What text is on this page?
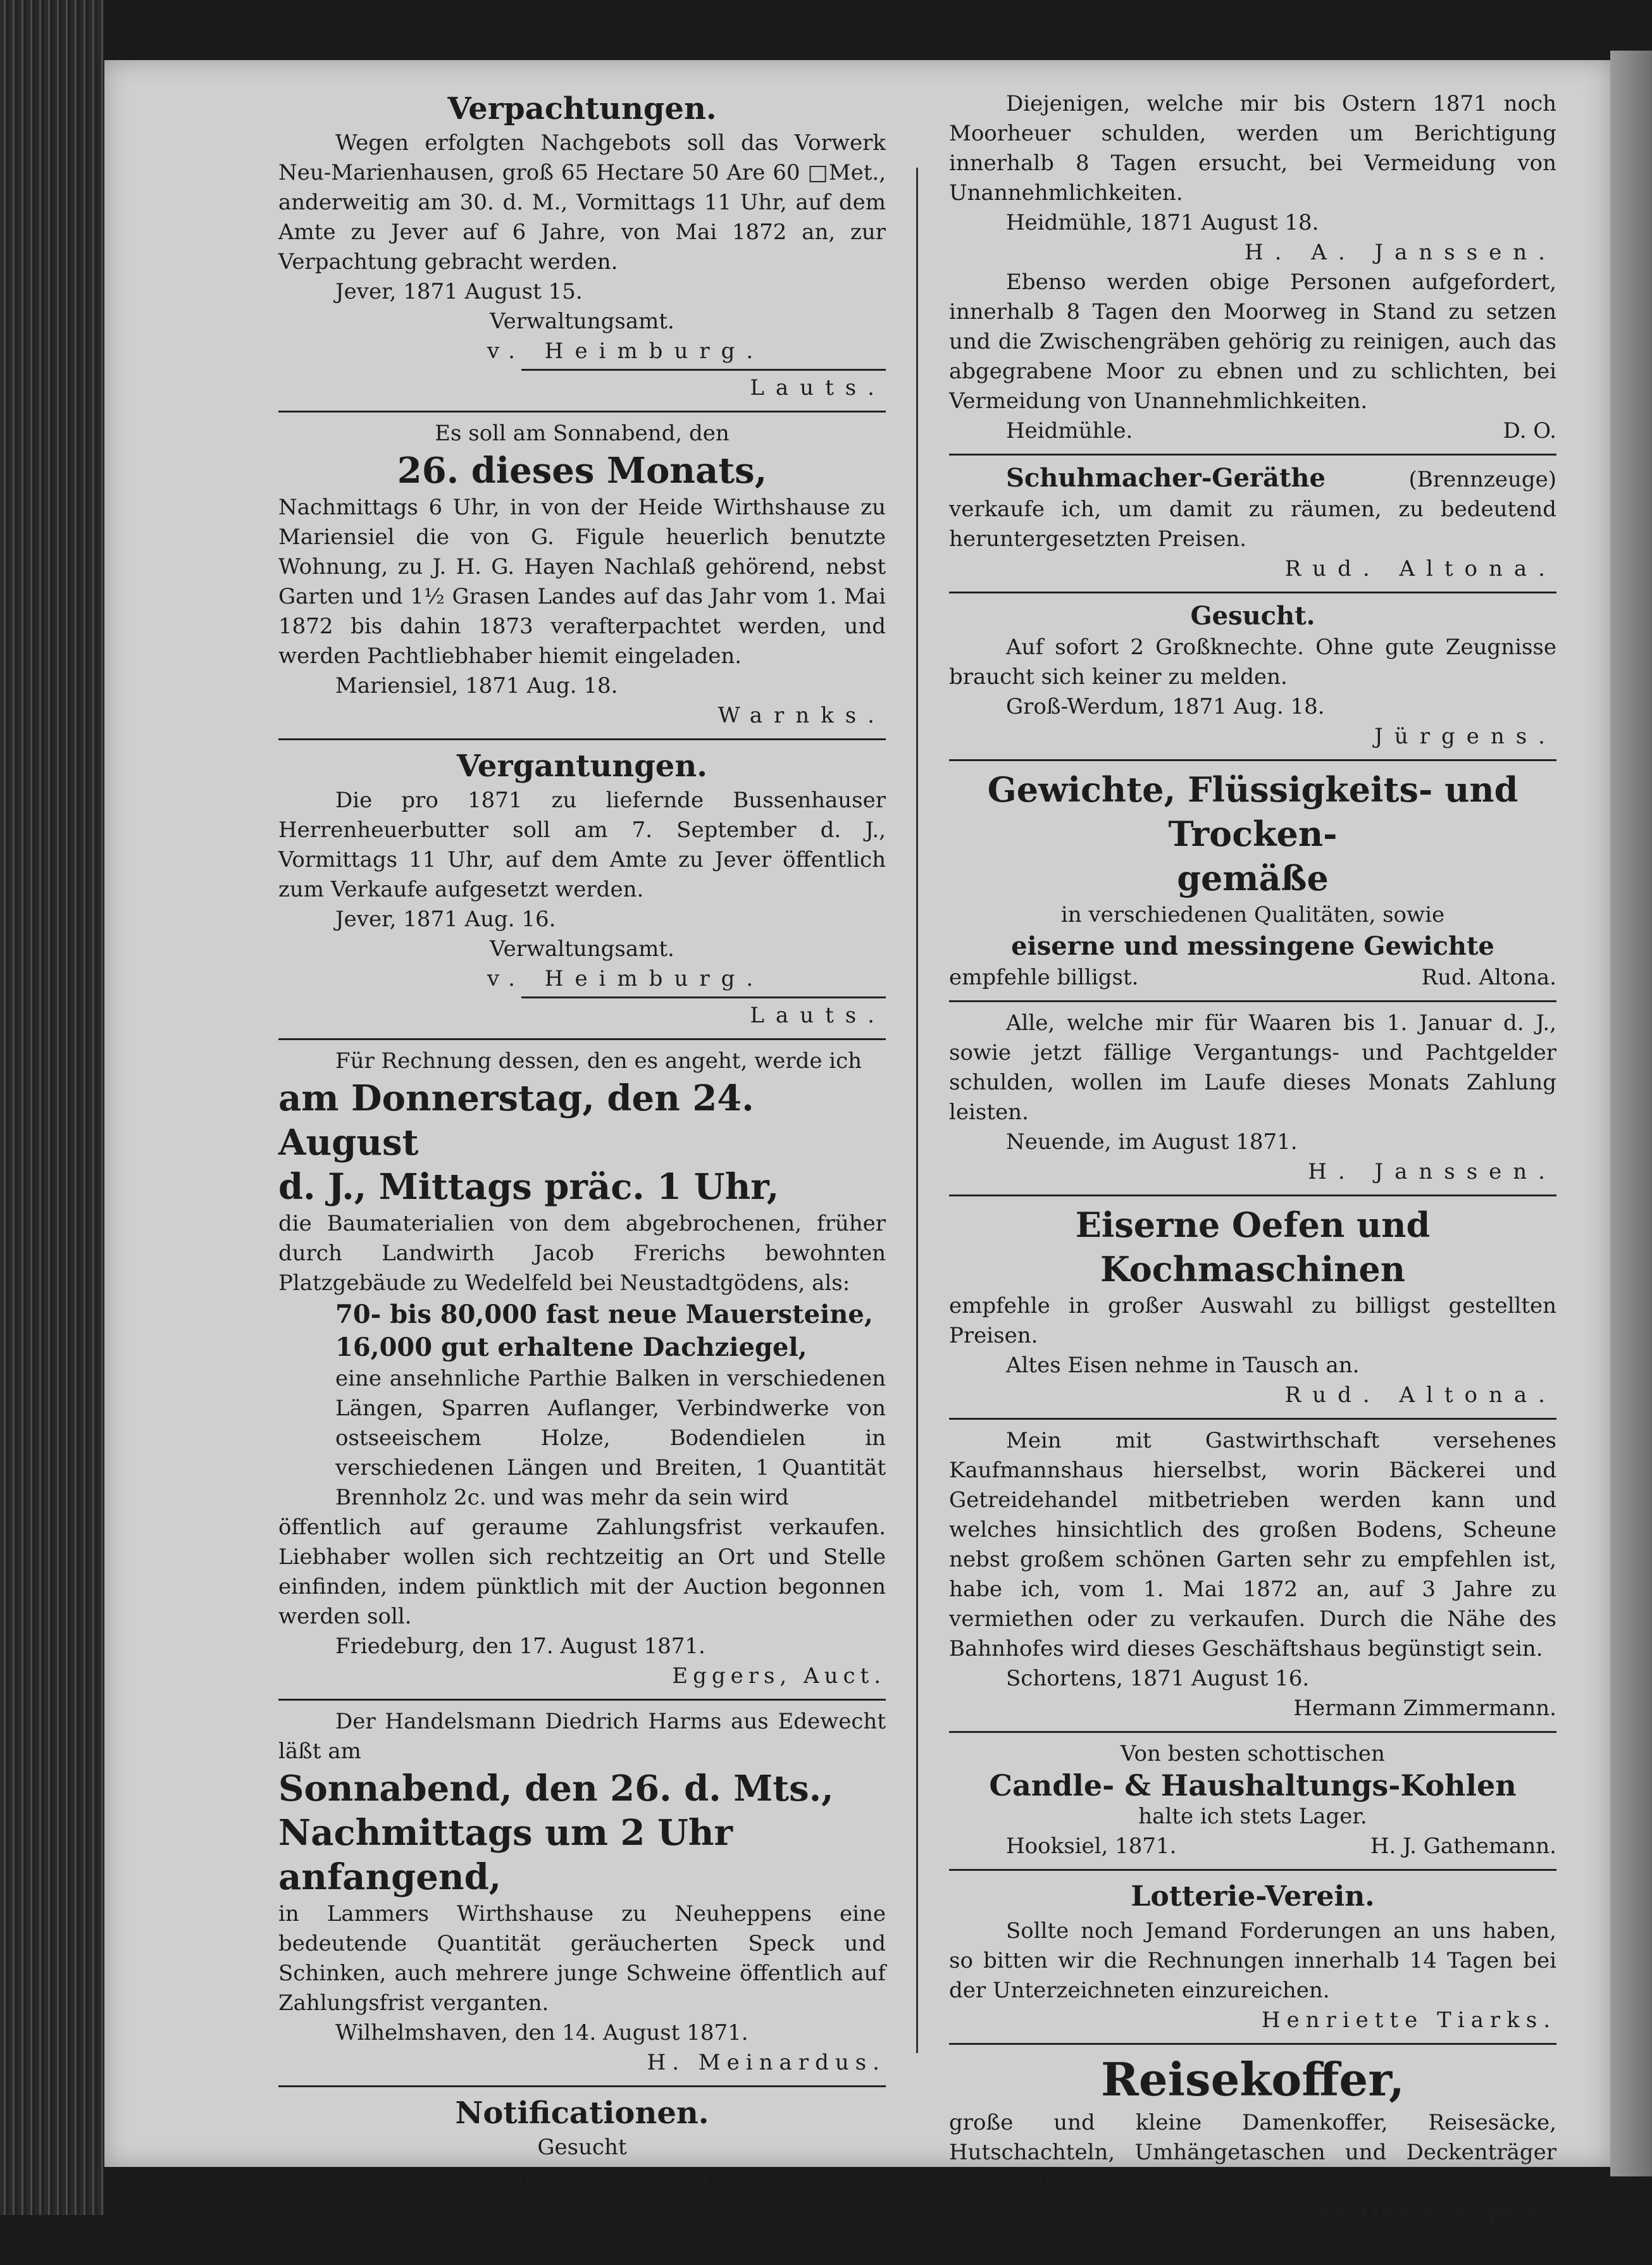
Verpachtungen.
Wegen erfolgten Nachgebots soll das Vorwerk Neu-Marienhausen, groß 65 Hectare 50 Are 60 □Met., anderweitig am 30. d. M., Vormittags 11 Uhr, auf dem Amte zu Jever auf 6 Jahre, von Mai 1872 an, zur Verpachtung gebracht werden.
Jever, 1871 August 15.
Verwaltungsamt.
v. Heimburg.
Lauts.
Es soll am Sonnabend, den
26. dieses Monats,
Nachmittags 6 Uhr, in von der Heide Wirthshause zu Mariensiel die von G. Figule heuerlich benutzte Wohnung, zu J. H. G. Hayen Nachlaß gehörend, nebst Garten und 1½ Grasen Landes auf das Jahr vom 1. Mai 1872 bis dahin 1873 verafterpachtet werden, und werden Pachtliebhaber hiemit eingeladen.
Mariensiel, 1871 Aug. 18.
Warnks.
Vergantungen.
Die pro 1871 zu liefernde Bussenhauser Herrenheuerbutter soll am 7. September d. J., Vormittags 11 Uhr, auf dem Amte zu Jever öffentlich zum Verkaufe aufgesetzt werden.
Jever, 1871 Aug. 16.
Verwaltungsamt.
v. Heimburg.
Lauts.
Für Rechnung dessen, den es angeht, werde ich
am Donnerstag, den 24. August
d. J., Mittags präc. 1 Uhr,
die Baumaterialien von dem abgebrochenen, früher durch Landwirth Jacob Frerichs bewohnten Platzgebäude zu Wedelfeld bei Neustadtgödens, als:
70- bis 80,000 fast neue Mauersteine,
16,000 gut erhaltene Dachziegel,
eine ansehnliche Parthie Balken in verschiedenen Längen, Sparren Auflanger, Verbindwerke von ostseeischem Holze, Bodendielen in verschiedenen Längen und Breiten, 1 Quantität Brennholz 2c. und was mehr da sein wird
öffentlich auf geraume Zahlungsfrist verkaufen. Liebhaber wollen sich rechtzeitig an Ort und Stelle einfinden, indem pünktlich mit der Auction begonnen werden soll.
Friedeburg, den 17. August 1871.
Eggers, Auct.
Der Handelsmann Diedrich Harms aus Edewecht läßt am
Sonnabend, den 26. d. Mts.,
Nachmittags um 2 Uhr anfangend,
in Lammers Wirthshause zu Neuheppens eine bedeutende Quantität geräucherten Speck und Schinken, auch mehrere junge Schweine öffentlich auf Zahlungsfrist verganten.
Wilhelmshaven, den 14. August 1871.
H. Meinardus.
Notificationen.
Gesucht
Auf den 1. November ein erster Müllerknecht.
Alverichs.
Diejenigen, welche mir bis Ostern 1871 noch Moorheuer schulden, werden um Berichtigung innerhalb 8 Tagen ersucht, bei Vermeidung von Unannehmlichkeiten.
Heidmühle, 1871 August 18.
H. A. Janssen.
Ebenso werden obige Personen aufgefordert, innerhalb 8 Tagen den Moorweg in Stand zu setzen und die Zwischengräben gehörig zu reinigen, auch das abgegrabene Moor zu ebnen und zu schlichten, bei Vermeidung von Unannehmlichkeiten.
Heidmühle.	D. O.
Schuhmacher-Geräthe	(Brennzeuge) verkaufe ich, um damit zu räumen, zu bedeutend heruntergesetzten Preisen.
Rud. Altona.
Gesucht.
Auf sofort 2 Großknechte. Ohne gute Zeugnisse braucht sich keiner zu melden.
Groß-Werdum, 1871 Aug. 18.
Jürgens.
Gewichte, Flüssigkeits- und Trocken-
gemäße
in verschiedenen Qualitäten, sowie
eiserne und messingene Gewichte
empfehle billigst.	Rud. Altona.
Alle, welche mir für Waaren bis 1. Januar d. J., sowie jetzt fällige Vergantungs- und Pachtgelder schulden, wollen im Laufe dieses Monats Zahlung leisten.
Neuende, im August 1871.
H. Janssen.
Eiserne Oefen und Kochmaschinen
empfehle in großer Auswahl zu billigst gestellten Preisen.
Altes Eisen nehme in Tausch an.
Rud. Altona.
Mein mit Gastwirthschaft versehenes Kaufmannshaus hierselbst, worin Bäckerei und Getreidehandel mitbetrieben werden kann und welches hinsichtlich des großen Bodens, Scheune nebst großem schönen Garten sehr zu empfehlen ist, habe ich, vom 1. Mai 1872 an, auf 3 Jahre zu vermiethen oder zu verkaufen. Durch die Nähe des Bahnhofes wird dieses Geschäftshaus begünstigt sein.
Schortens, 1871 August 16.
Hermann Zimmermann.
Von besten schottischen
Candle- & Haushaltungs-Kohlen
halte ich stets Lager.
Hooksiel, 1871.	H. J. Gathemann.
Lotterie-Verein.
Sollte noch Jemand Forderungen an uns haben, so bitten wir die Rechnungen innerhalb 14 Tagen bei der Unterzeichneten einzureichen.
Henriette Tiarks.
Reisekoffer,
große und kleine Damenkoffer, Reisesäcke, Hutschachteln, Umhängetaschen und Deckenträger empfiehlt
Jever.	Sattler F. Popken
neben dem schwarzen Adler.
